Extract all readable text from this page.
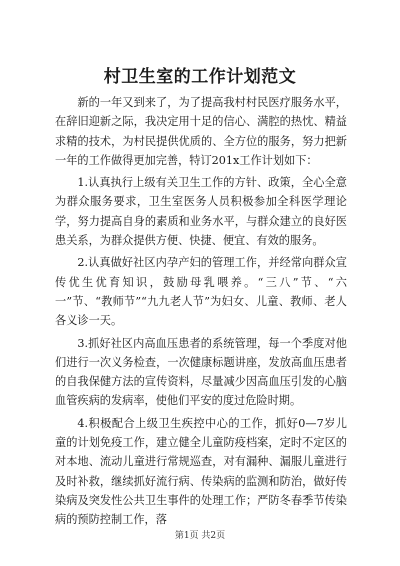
村卫生室的工作计划范文

新的一年又到来了，为了提高我村村民医疗服务水平，在辞旧迎新之际，我决定用十足的信心、满腔的热忱、精益求精的技术，为村民提供优质的、全方位的服务，努力把新一年的工作做得更加完善，特订201x工作计划如下：

1.认真执行上级有关卫生工作的方针、政策，全心全意为群众服务要求，卫生室医务人员积极参加全科医学理论学，努力提高自身的素质和业务水平，与群众建立的良好医患关系，为群众提供方便、快捷、便宜、有效的服务。

2.认真做好社区内孕产妇的管理工作，并经常向群众宣传优生优育知识，鼓励母乳喂养。“三八”节、“六一”节、“教师节”“九九老人节”为妇女、儿童、教师、老人各义诊一天。

3.抓好社区内高血压患者的系统管理，每一个季度对他们进行一次义务检查，一次健康标题讲座，发放高血压患者的自我保健方法的宣传资料，尽量减少因高血压引发的心脑血管疾病的发病率，使他们平安的度过危险时期。

4.积极配合上级卫生疾控中心的工作，抓好0—7岁儿童的计划免疫工作，建立健全儿童防疫档案，定时不定区的对本地、流动儿童进行常规巡查，对有漏种、漏服儿童进行及时补救，继续抓好流行病、传染病的监测和防治，做好传染病及突发性公共卫生事件的处理工作；严防冬春季节传染病的预防控制工作，落

第1页 共2页
